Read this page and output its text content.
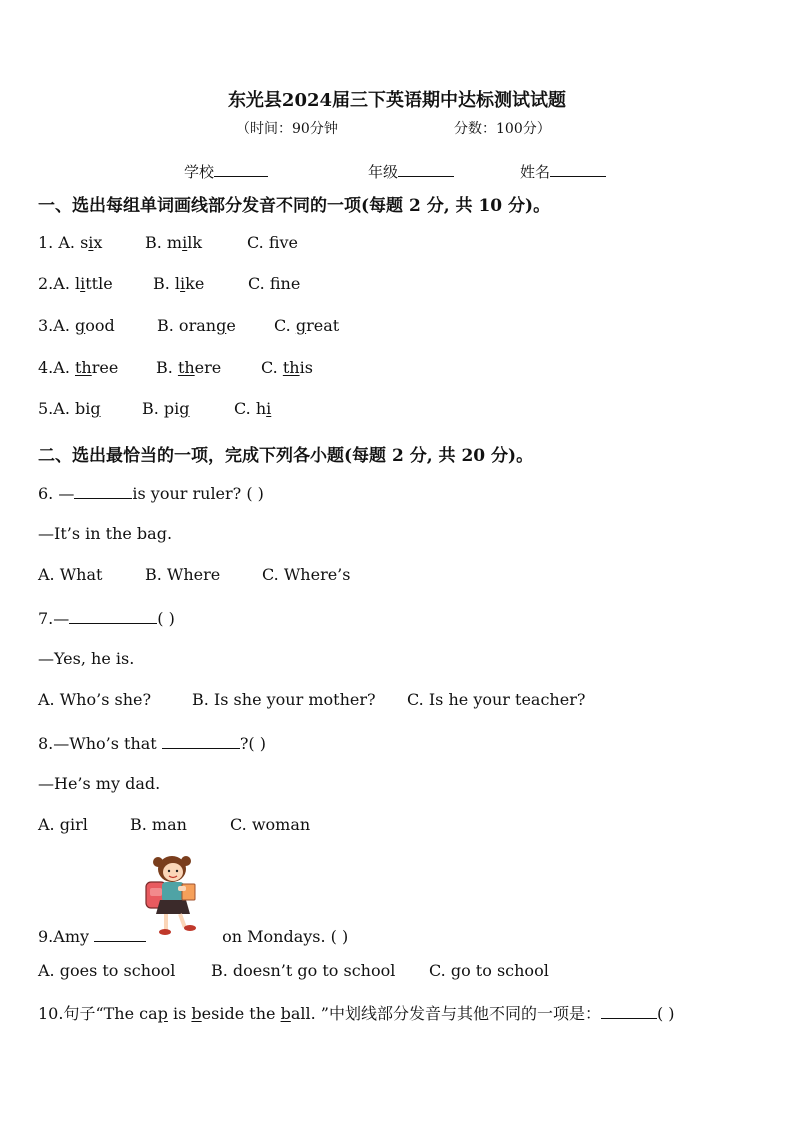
东光县2024届三下英语期中达标测试试题
（时间：90分钟	分数：100分）
学校	年级	姓名
一、选出每组单词画线部分发音不同的一项(每题 2 分, 共 10 分)。
1. A. six	B. milk	C. fve
2.A. little	B. like	C. fne
3.A. good	B. orange C. great
4.A. three B. there C. this
5.A. big	B. pig	C. hi
二、选出最恰当的一项，完成下列各小题(每题 2 分, 共 20 分)。
6. —	is your ruler? ( )
—It’s in the bag.
A. What	B. Where	C. Where’s
7.—	( )
—Yes, he is.
A. Who’s she?	B. Is she your mother? C. Is he your teacher?
8.—Who’s that	?( )
—He’s my dad.
A. girl	B. man	C. woman
9.Amy	on Mondays. ( )
A. goes to school B. doesn’t go to school C. go to school
10.句子“The cap is beside the ball. ”中划线部分发音与其他不同的一项是：	( )
